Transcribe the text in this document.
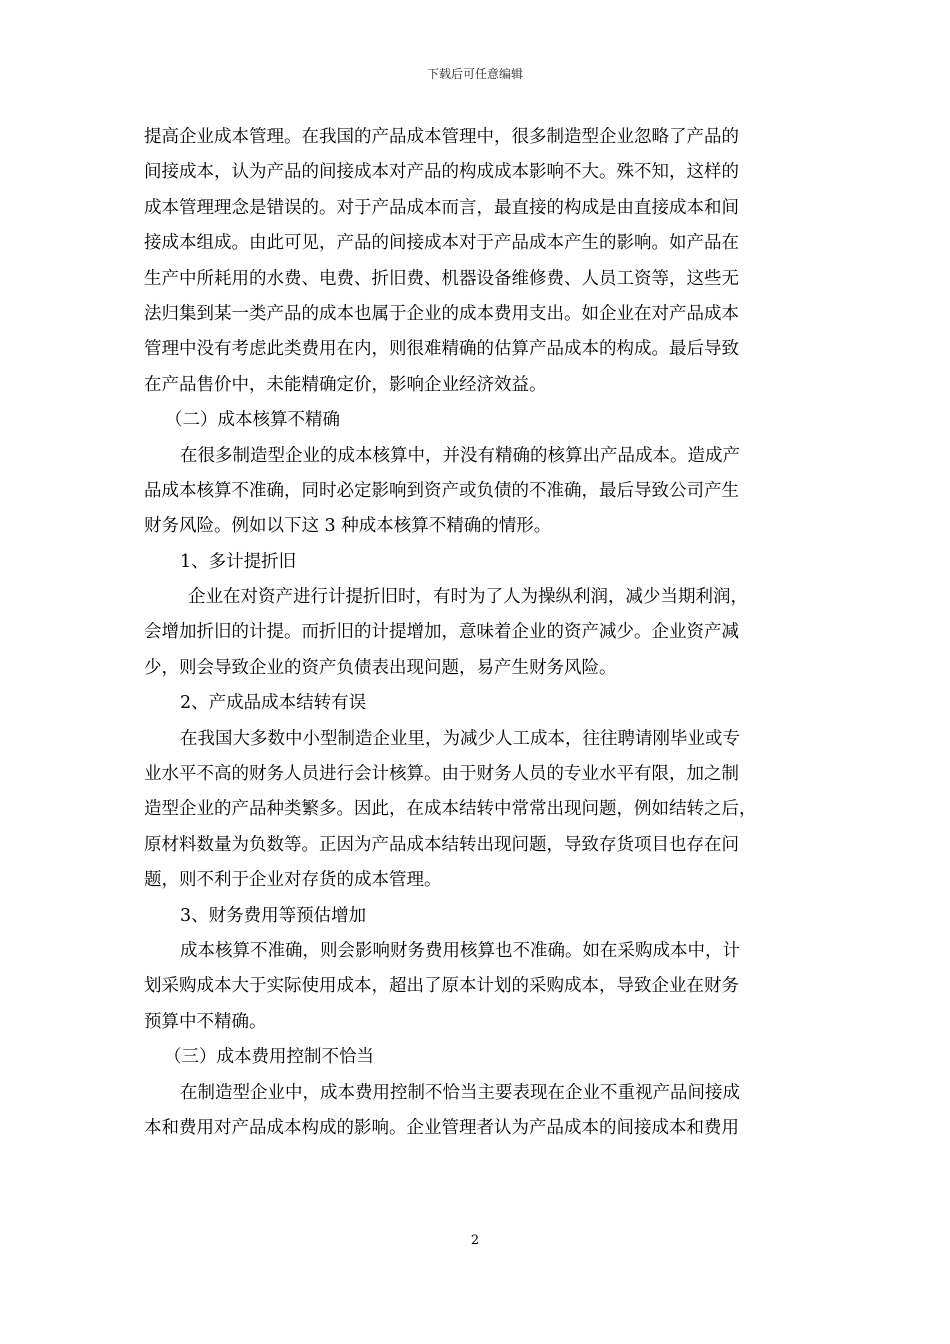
下载后可任意编辑
提高企业成本管理。在我国的产品成本管理中，很多制造型企业忽略了产品的
间接成本，认为产品的间接成本对产品的构成成本影响不大。殊不知，这样的
成本管理理念是错误的。对于产品成本而言，最直接的构成是由直接成本和间
接成本组成。由此可见，产品的间接成本对于产品成本产生的影响。如产品在
生产中所耗用的水费、电费、折旧费、机器设备维修费、人员工资等，这些无
法归集到某一类产品的成本也属于企业的成本费用支出。如企业在对产品成本
管理中没有考虑此类费用在内，则很难精确的估算产品成本的构成。最后导致
在产品售价中，未能精确定价，影响企业经济效益。
（二）成本核算不精确
在很多制造型企业的成本核算中，并没有精确的核算出产品成本。造成产
品成本核算不准确，同时必定影响到资产或负债的不准确，最后导致公司产生
财务风险。例如以下这 3 种成本核算不精确的情形。
1、多计提折旧
企业在对资产进行计提折旧时，有时为了人为操纵利润，减少当期利润，
会增加折旧的计提。而折旧的计提增加，意味着企业的资产减少。企业资产减
少，则会导致企业的资产负债表出现问题，易产生财务风险。
2、产成品成本结转有误
在我国大多数中小型制造企业里，为减少人工成本，往往聘请刚毕业或专
业水平不高的财务人员进行会计核算。由于财务人员的专业水平有限，加之制
造型企业的产品种类繁多。因此，在成本结转中常常出现问题，例如结转之后，
原材料数量为负数等。正因为产品成本结转出现问题，导致存货项目也存在问
题，则不利于企业对存货的成本管理。
3、财务费用等预估增加
成本核算不准确，则会影响财务费用核算也不准确。如在采购成本中，计
划采购成本大于实际使用成本，超出了原本计划的采购成本，导致企业在财务
预算中不精确。
（三）成本费用控制不恰当
在制造型企业中，成本费用控制不恰当主要表现在企业不重视产品间接成
本和费用对产品成本构成的影响。企业管理者认为产品成本的间接成本和费用
2
